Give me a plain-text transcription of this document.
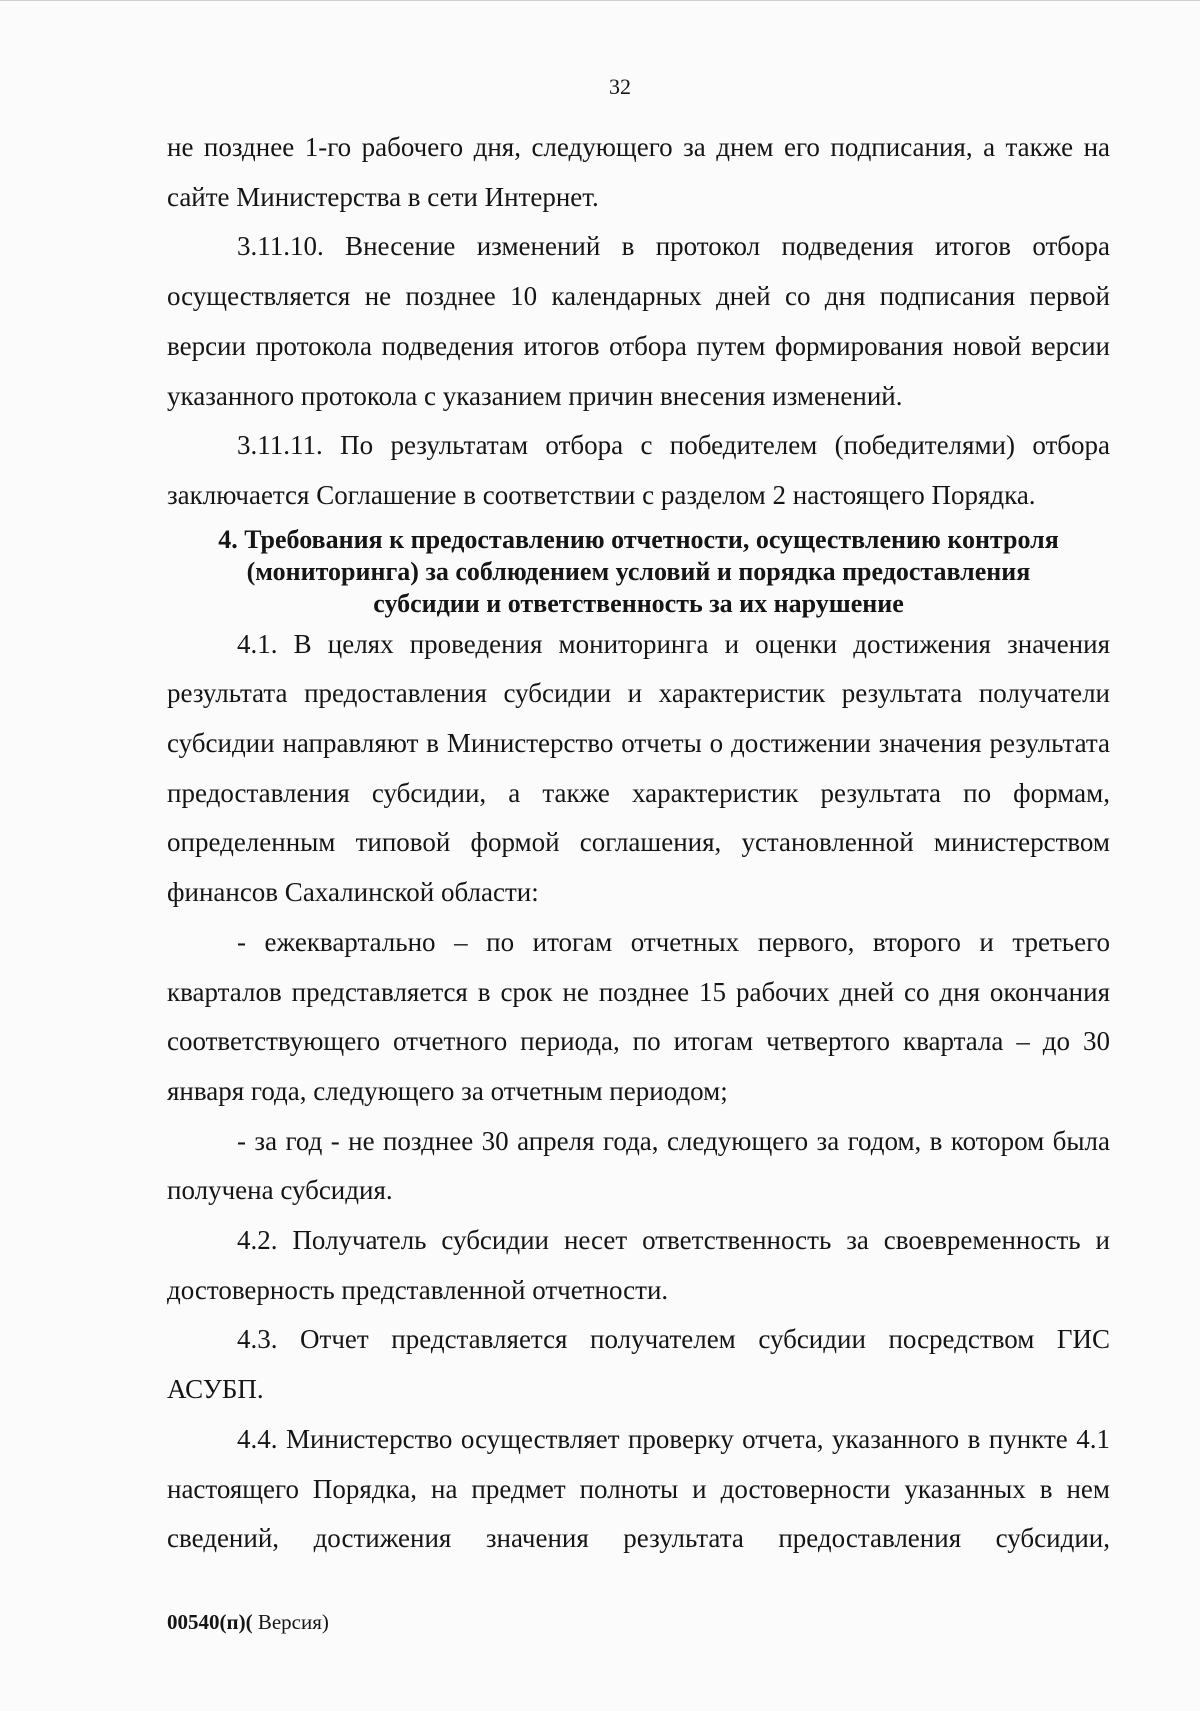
32

не позднее 1-го рабочего дня, следующего за днем его подписания, а также на сайте Министерства в сети Интернет.

3.11.10. Внесение изменений в протокол подведения итогов отбора осуществляется не позднее 10 календарных дней со дня подписания первой версии протокола подведения итогов отбора путем формирования новой версии указанного протокола с указанием причин внесения изменений.

3.11.11. По результатам отбора с победителем (победителями) отбора заключается Соглашение в соответствии с разделом 2 настоящего Порядка.

4. Требования к предоставлению отчетности, осуществлению контроля
(мониторинга) за соблюдением условий и порядка предоставления
субсидии и ответственность за их нарушение

4.1. В целях проведения мониторинга и оценки достижения значения результата предоставления субсидии и характеристик результата получатели субсидии направляют в Министерство отчеты о достижении значения результата предоставления субсидии, а также характеристик результата по формам, определенным типовой формой соглашения, установленной министерством финансов Сахалинской области:

- ежеквартально – по итогам отчетных первого, второго и третьего кварталов представляется в срок не позднее 15 рабочих дней со дня окончания соответствующего отчетного периода, по итогам четвертого квартала – до 30 января года, следующего за отчетным периодом;

- за год - не позднее 30 апреля года, следующего за годом, в котором была получена субсидия.

4.2. Получатель субсидии несет ответственность за своевременность и достоверность представленной отчетности.

4.3. Отчет представляется получателем субсидии посредством ГИС АСУБП.

4.4. Министерство осуществляет проверку отчета, указанного в пункте 4.1 настоящего Порядка, на предмет полноты и достоверности указанных в нем сведений, достижения значения результата предоставления субсидии,

00540(п)( Версия)
